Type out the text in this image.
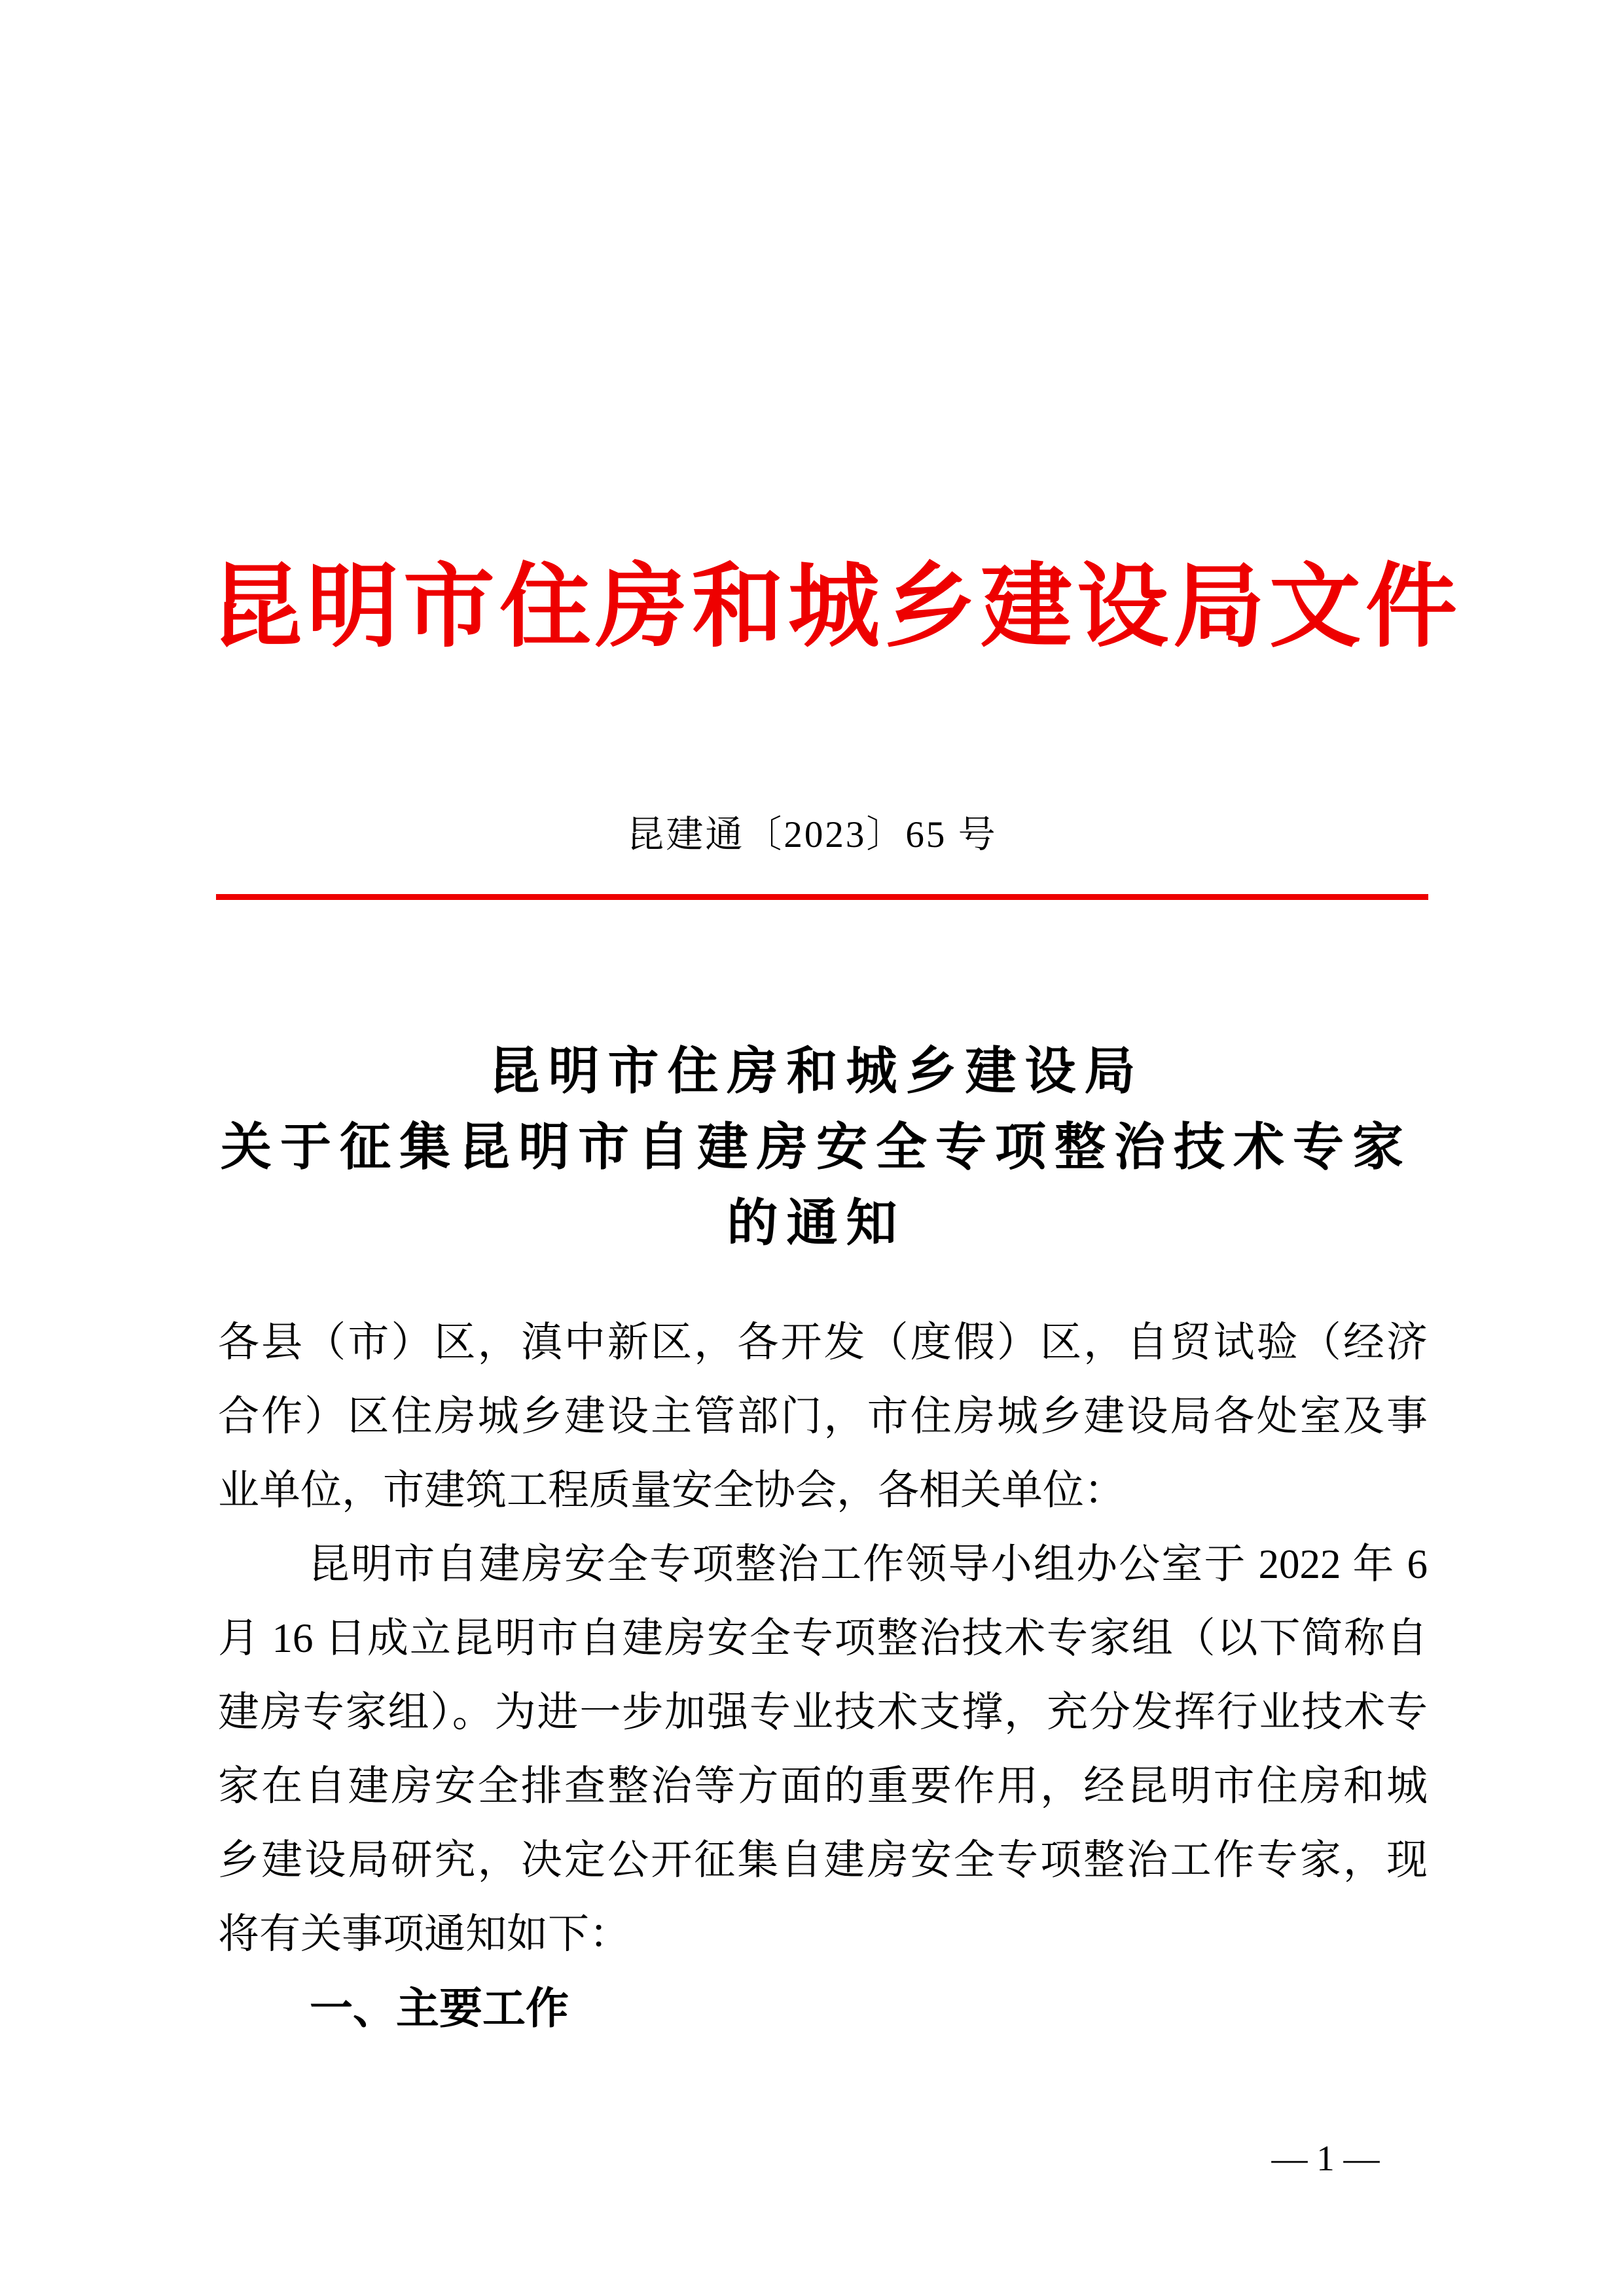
昆明市住房和城乡建设局文件
昆建通〔2023〕65 号
昆明市住房和城乡建设局
关于征集昆明市自建房安全专项整治技术专家
的通知
各县（市）区，滇中新区，各开发（度假）区，自贸试验（经济
合作）区住房城乡建设主管部门，市住房城乡建设局各处室及事
业单位，市建筑工程质量安全协会，各相关单位：
昆明市自建房安全专项整治工作领导小组办公室于 2022 年 6
月 16 日成立昆明市自建房安全专项整治技术专家组（以下简称自
建房专家组）。为进一步加强专业技术支撑，充分发挥行业技术专
家在自建房安全排查整治等方面的重要作用，经昆明市住房和城
乡建设局研究，决定公开征集自建房安全专项整治工作专家，现
将有关事项通知如下：
一、主要工作
— 1 —
